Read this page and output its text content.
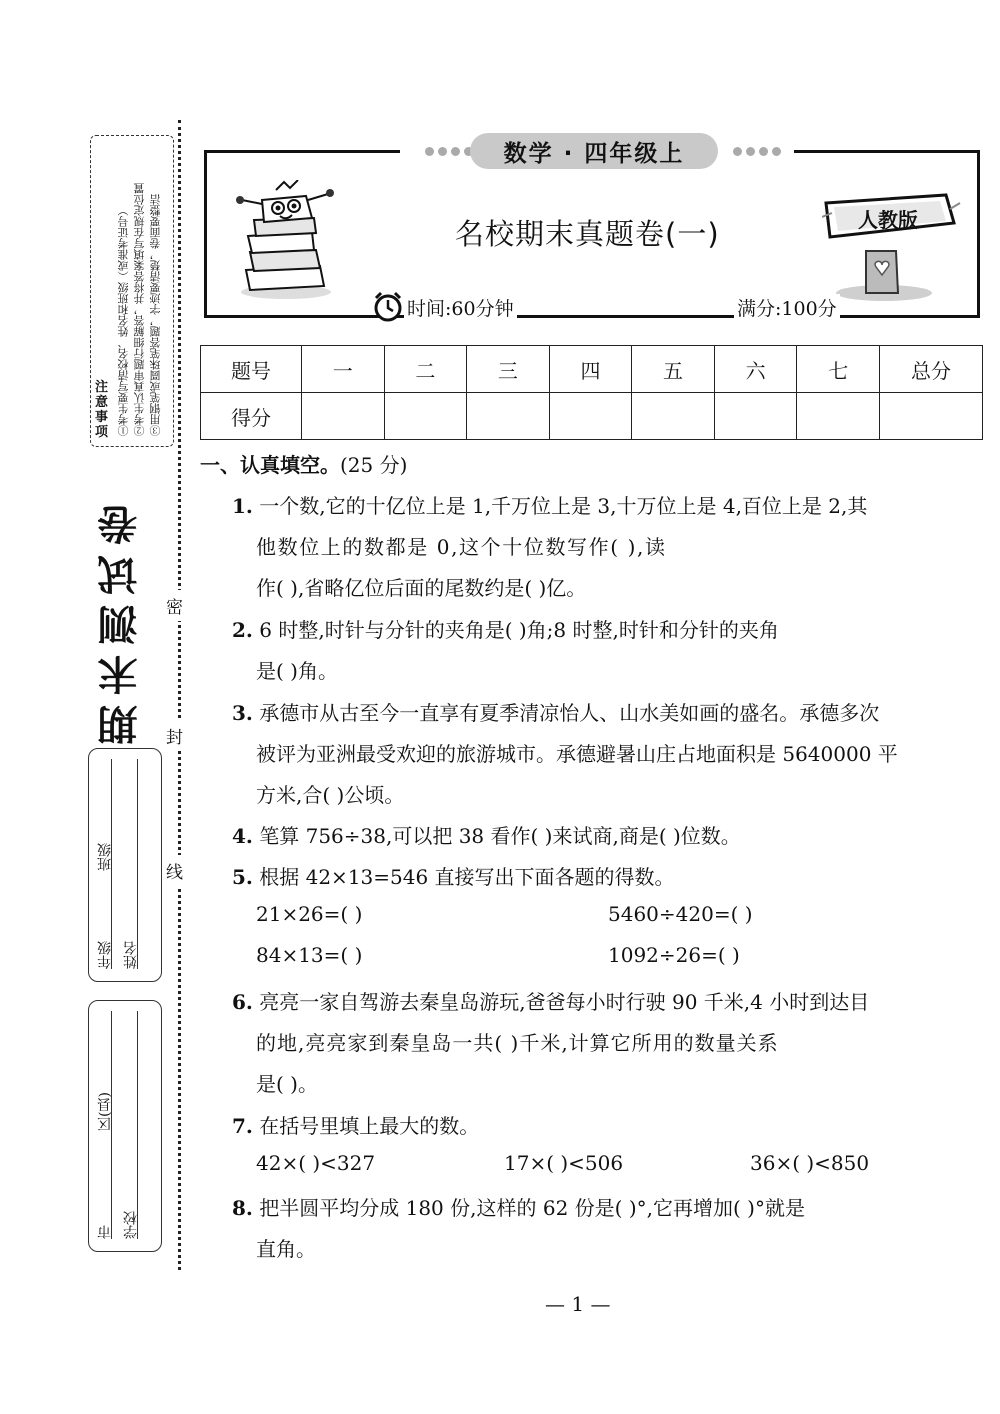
注意事项 ①考生要写清校名、姓名和班级（或准考证号） ②考生认真审题行细解答，并将答案填写在规定位置 ③用钢笔或圆珠笔答题，字迹要清楚，卷面要整洁
期末测试卷 密
封
线
年级
班级
姓名
市
区(县)
学校
数学 · 四年级上
名校期末真题卷(一)	人教版
时间:60分钟	满分:100分
题号	一	二	三	四	五	六	七	总分
得分								
一、认真填空。(25 分)
1. 一个数,它的十亿位上是 1,千万位上是 3,十万位上是 4,百位上是 2,其
他数位上的数都是 0,这个十位数写作( ),读
作( ),省略亿位后面的尾数约是( )亿。
2. 6 时整,时针与分针的夹角是( )角;8 时整,时针和分针的夹角
是( )角。
3. 承德市从古至今一直享有夏季清凉怡人、山水美如画的盛名。承德多次
被评为亚洲最受欢迎的旅游城市。承德避暑山庄占地面积是 5640000 平
方米,合( )公顷。
4. 笔算 756÷38,可以把 38 看作( )来试商,商是( )位数。
5. 根据 42×13=546 直接写出下面各题的得数。
21×26=( )	5460÷420=( )
84×13=( )	1092÷26=( )
6. 亮亮一家自驾游去秦皇岛游玩,爸爸每小时行驶 90 千米,4 小时到达目
的地,亮亮家到秦皇岛一共( )千米,计算它所用的数量关系
是( )。
7. 在括号里填上最大的数。
42×( )<327	17×( )<506	36×( )<850
8. 把半圆平均分成 180 份,这样的 62 份是( )°,它再增加( )°就是
直角。
— 1 —
